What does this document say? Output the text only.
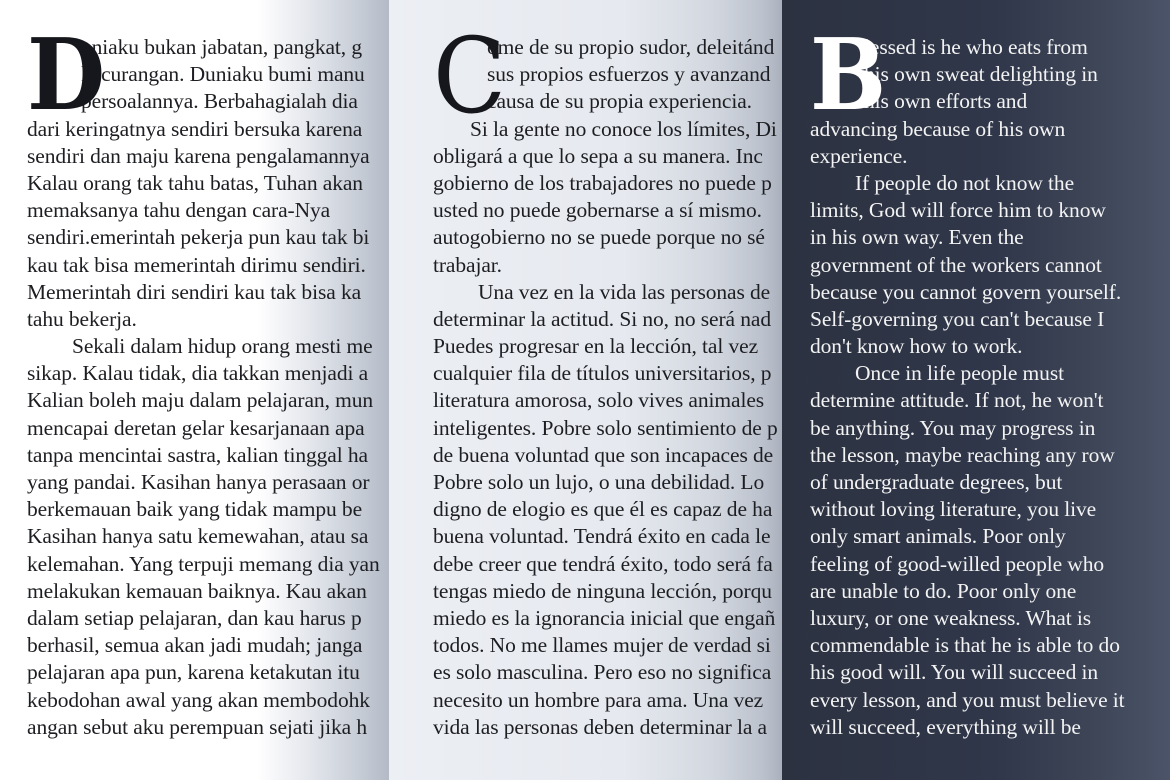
D
uniaku bukan jabatan, pangkat, g
kecurangan. Duniaku bumi manu
persoalannya. Berbahagialah dia
dari keringatnya sendiri bersuka karena
sendiri dan maju karena pengalamannya
Kalau orang tak tahu batas, Tuhan akan
memaksanya tahu dengan cara-Nya
sendiri.emerintah pekerja pun kau tak bi
kau tak bisa memerintah dirimu sendiri.
Memerintah diri sendiri kau tak bisa ka
tahu bekerja.
Sekali dalam hidup orang mesti me
sikap. Kalau tidak, dia takkan menjadi a
Kalian boleh maju dalam pelajaran, mun
mencapai deretan gelar kesarjanaan apa
tanpa mencintai sastra, kalian tinggal ha
yang pandai. Kasihan hanya perasaan or
berkemauan baik yang tidak mampu be
Kasihan hanya satu kemewahan, atau sa
kelemahan. Yang terpuji memang dia yan
melakukan kemauan baiknya. Kau akan
dalam setiap pelajaran, dan kau harus p
berhasil, semua akan jadi mudah; janga
pelajaran apa pun, karena ketakutan itu
kebodohan awal yang akan membodohk
angan sebut aku perempuan sejati jika h
C
ome de su propio sudor, deleitánd
sus propios esfuerzos y avanzand
causa de su propia experiencia.
Si la gente no conoce los límites, Di
obligará a que lo sepa a su manera. Inc
gobierno de los trabajadores no puede p
usted no puede gobernarse a sí mismo.
autogobierno no se puede porque no sé
trabajar.
Una vez en la vida las personas de
determinar la actitud. Si no, no será nad
Puedes progresar en la lección, tal vez
cualquier fila de títulos universitarios, p
literatura amorosa, solo vives animales
inteligentes. Pobre solo sentimiento de p
de buena voluntad que son incapaces de
Pobre solo un lujo, o una debilidad. Lo
digno de elogio es que él es capaz de ha
buena voluntad. Tendrá éxito en cada le
debe creer que tendrá éxito, todo será fa
tengas miedo de ninguna lección, porqu
miedo es la ignorancia inicial que engañ
todos. No me llames mujer de verdad si
es solo masculina. Pero eso no significa
necesito un hombre para ama. Una vez
vida las personas deben determinar la a
B
lessed is he who eats from
his own sweat delighting in
his own efforts and
advancing because of his own
experience.
If people do not know the
limits, God will force him to know
in his own way. Even the
government of the workers cannot
because you cannot govern yourself.
Self-governing you can't because I
don't know how to work.
Once in life people must
determine attitude. If not, he won't
be anything. You may progress in
the lesson, maybe reaching any row
of undergraduate degrees, but
without loving literature, you live
only smart animals. Poor only
feeling of good-willed people who
are unable to do. Poor only one
luxury, or one weakness. What is
commendable is that he is able to do
his good will. You will succeed in
every lesson, and you must believe it
will succeed, everything will be
